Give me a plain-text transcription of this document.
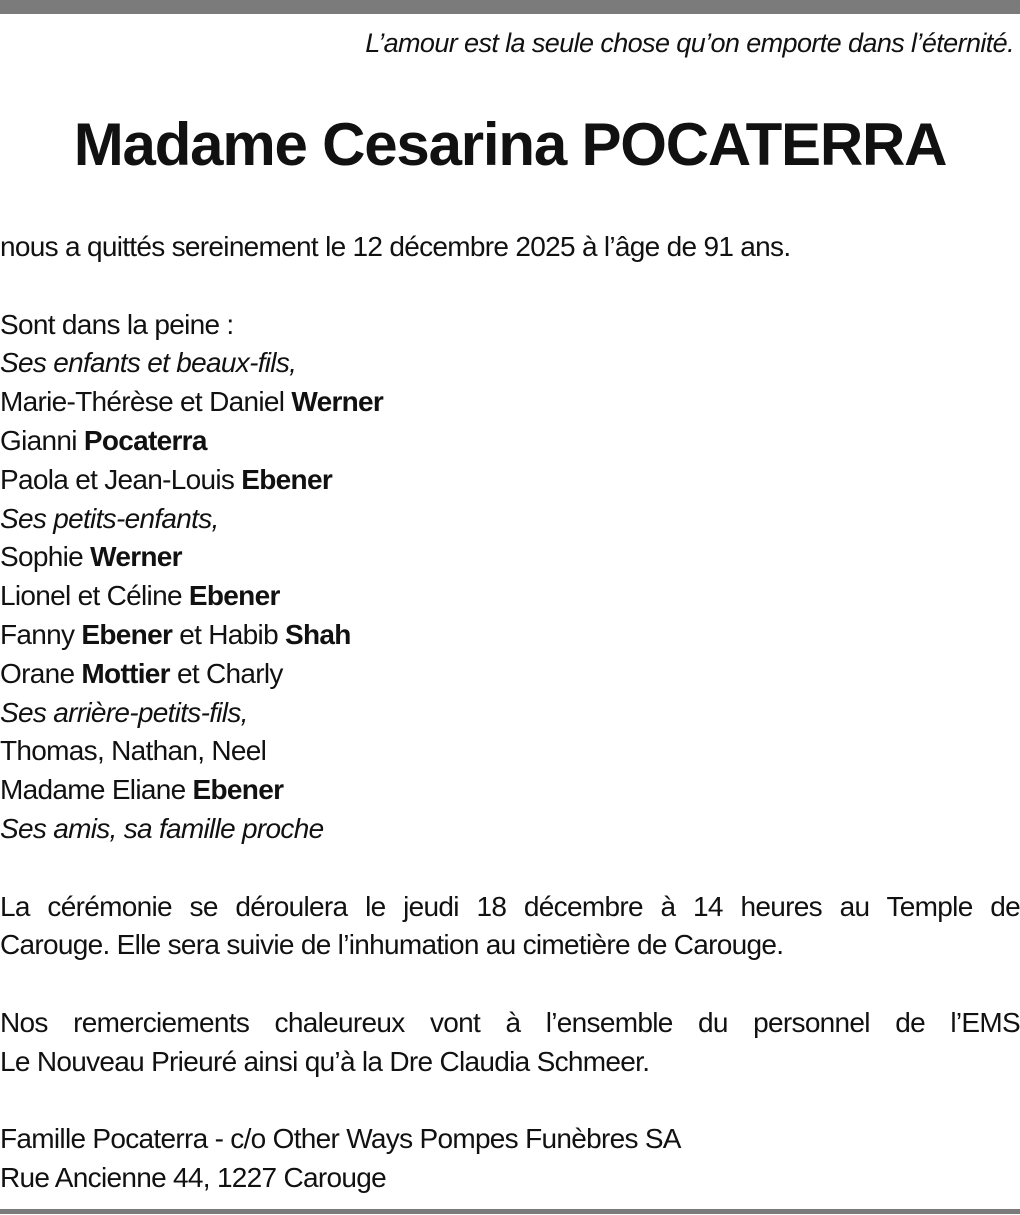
L’amour est la seule chose qu’on emporte dans l’éternité.

Madame Cesarina POCATERRA
nous a quittés sereinement le 12 décembre 2025 à l’âge de 91 ans.
Sont dans la peine :
Ses enfants et beaux-fils,
Marie-Thérèse et Daniel Werner
Gianni Pocaterra
Paola et Jean-Louis Ebener
Ses petits-enfants,
Sophie Werner
Lionel et Céline Ebener
Fanny Ebener et Habib Shah
Orane Mottier et Charly
Ses arrière-petits-fils,
Thomas, Nathan, Neel
Madame Eliane Ebener
Ses amis, sa famille proche
La cérémonie se déroulera le jeudi 18 décembre à 14 heures au Temple de
Carouge. Elle sera suivie de l’inhumation au cimetière de Carouge.
Nos remerciements chaleureux vont à l’ensemble du personnel de l’EMS
Le Nouveau Prieuré ainsi qu’à la Dre Claudia Schmeer.
Famille Pocaterra - c/o Other Ways Pompes Funèbres SA
Rue Ancienne 44, 1227 Carouge
